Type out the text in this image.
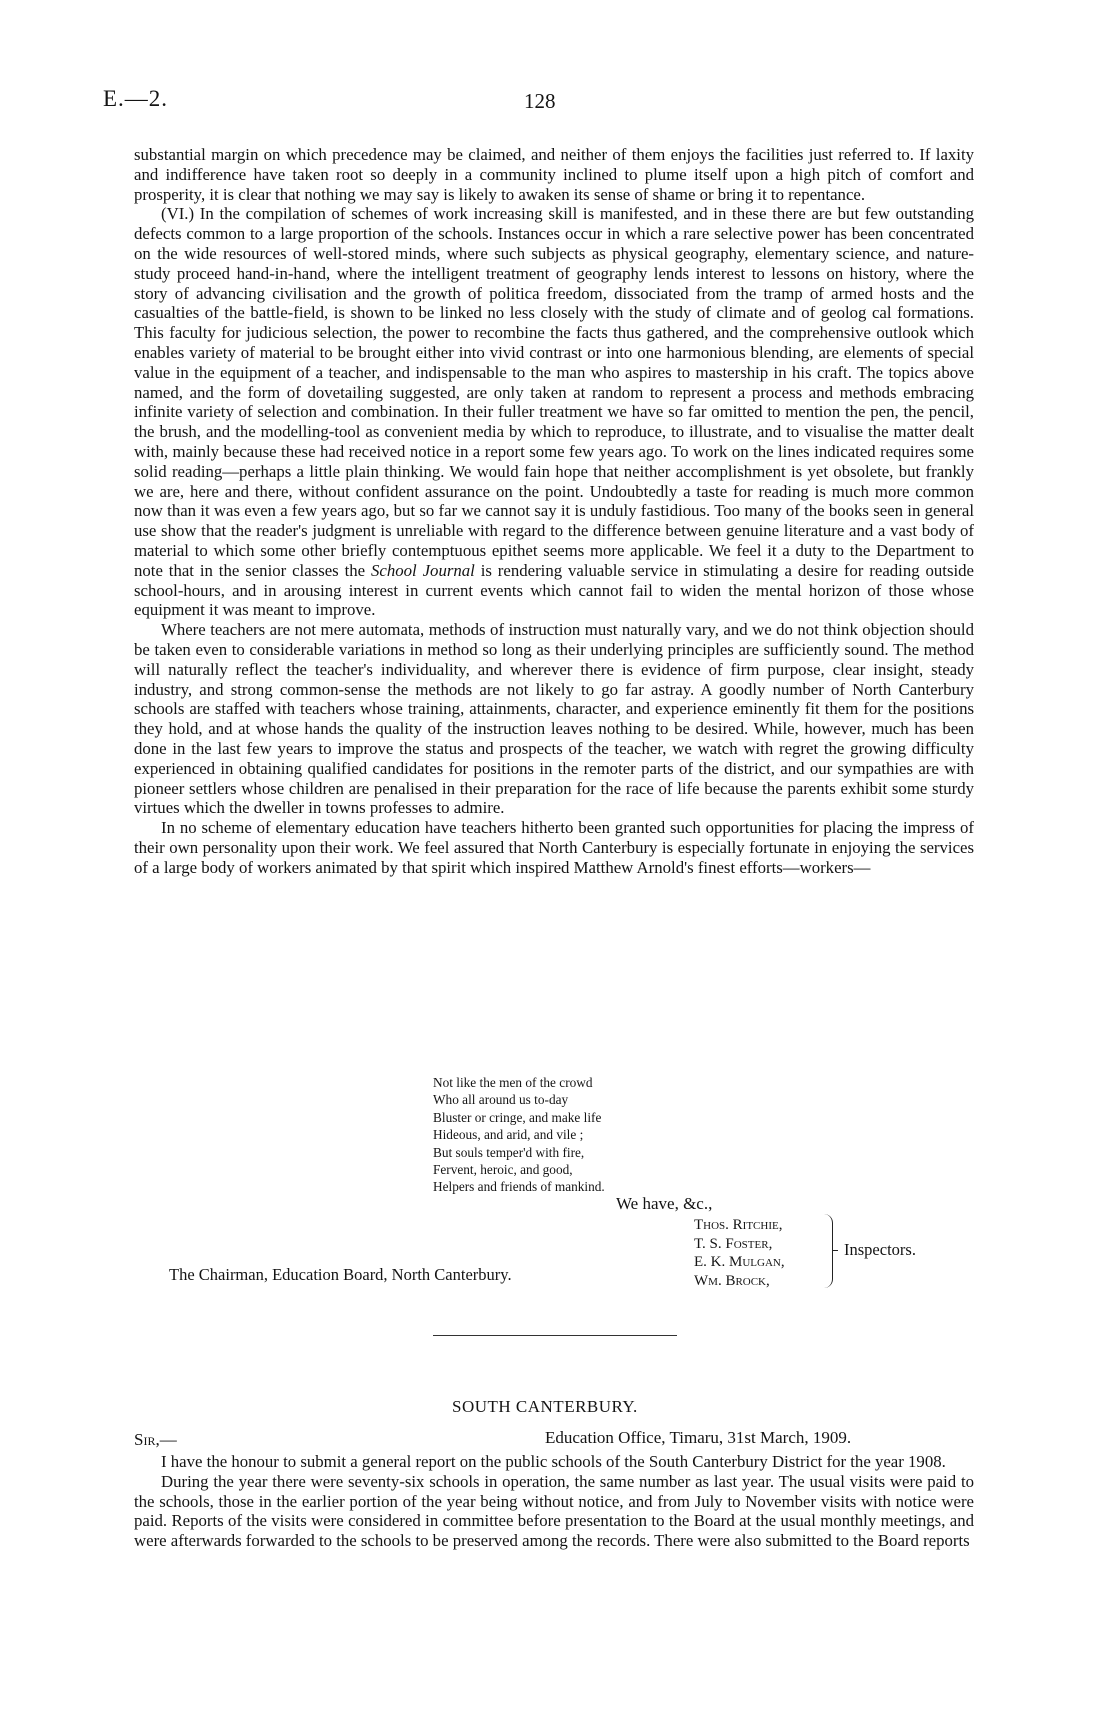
E.—2.	128

substantial margin on which precedence may be claimed, and neither of them enjoys the facilities just referred to. If laxity and indifference have taken root so deeply in a community inclined to plume itself upon a high pitch of comfort and prosperity, it is clear that nothing we may say is likely to awaken its sense of shame or bring it to repentance.

(VI.) In the compilation of schemes of work increasing skill is manifested, and in these there are but few outstanding defects common to a large proportion of the schools. Instances occur in which a rare selective power has been concentrated on the wide resources of well-stored minds, where such subjects as physical geography, elementary science, and nature-study proceed hand-in-hand, where the intelligent treatment of geography lends interest to lessons on history, where the story of advancing civilisation and the growth of politica freedom, dissociated from the tramp of armed hosts and the casualties of the battle-field, is shown to be linked no less closely with the study of climate and of geolog cal formations. This faculty for judicious selection, the power to recombine the facts thus gathered, and the comprehensive outlook which enables variety of material to be brought either into vivid contrast or into one harmonious blending, are elements of special value in the equipment of a teacher, and indispensable to the man who aspires to mastership in his craft. The topics above named, and the form of dovetailing suggested, are only taken at random to represent a process and methods embracing infinite variety of selection and combination. In their fuller treatment we have so far omitted to mention the pen, the pencil, the brush, and the modelling-tool as convenient media by which to reproduce, to illustrate, and to visualise the matter dealt with, mainly because these had received notice in a report some few years ago. To work on the lines indicated requires some solid reading—perhaps a little plain thinking. We would fain hope that neither accomplishment is yet obsolete, but frankly we are, here and there, without confident assurance on the point. Undoubtedly a taste for reading is much more common now than it was even a few years ago, but so far we cannot say it is unduly fastidious. Too many of the books seen in general use show that the reader's judgment is unreliable with regard to the difference between genuine literature and a vast body of material to which some other briefly contemptuous epithet seems more applicable. We feel it a duty to the Department to note that in the senior classes the School Journal is rendering valuable service in stimulating a desire for reading outside school-hours, and in arousing interest in current events which cannot fail to widen the mental horizon of those whose equipment it was meant to improve.

Where teachers are not mere automata, methods of instruction must naturally vary, and we do not think objection should be taken even to considerable variations in method so long as their underlying principles are sufficiently sound. The method will naturally reflect the teacher's individuality, and wherever there is evidence of firm purpose, clear insight, steady industry, and strong common-sense the methods are not likely to go far astray. A goodly number of North Canterbury schools are staffed with teachers whose training, attainments, character, and experience eminently fit them for the positions they hold, and at whose hands the quality of the instruction leaves nothing to be desired. While, however, much has been done in the last few years to improve the status and prospects of the teacher, we watch with regret the growing difficulty experienced in obtaining qualified candidates for positions in the remoter parts of the district, and our sympathies are with pioneer settlers whose children are penalised in their preparation for the race of life because the parents exhibit some sturdy virtues which the dweller in towns professes to admire.

In no scheme of elementary education have teachers hitherto been granted such opportunities for placing the impress of their own personality upon their work. We feel assured that North Canterbury is especially fortunate in enjoying the services of a large body of workers animated by that spirit which inspired Matthew Arnold's finest efforts—workers—

Not like the men of the crowd
Who all around us to-day
Bluster or cringe, and make life
Hideous, and arid, and vile ;
But souls temper'd with fire,
Fervent, heroic, and good,
Helpers and friends of mankind.
We have, &c.,
Thos. Ritchie,
T. S. Foster,
E. K. Mulgan,
Wm. Brock,
Inspectors.
The Chairman, Education Board, North Canterbury.
SOUTH CANTERBURY.
Sir,—	Education Office, Timaru, 31st March, 1909.

I have the honour to submit a general report on the public schools of the South Canterbury District for the year 1908.

During the year there were seventy-six schools in operation, the same number as last year. The usual visits were paid to the schools, those in the earlier portion of the year being without notice, and from July to November visits with notice were paid. Reports of the visits were considered in committee before presentation to the Board at the usual monthly meetings, and were afterwards forwarded to the schools to be preserved among the records. There were also submitted to the Board reports
